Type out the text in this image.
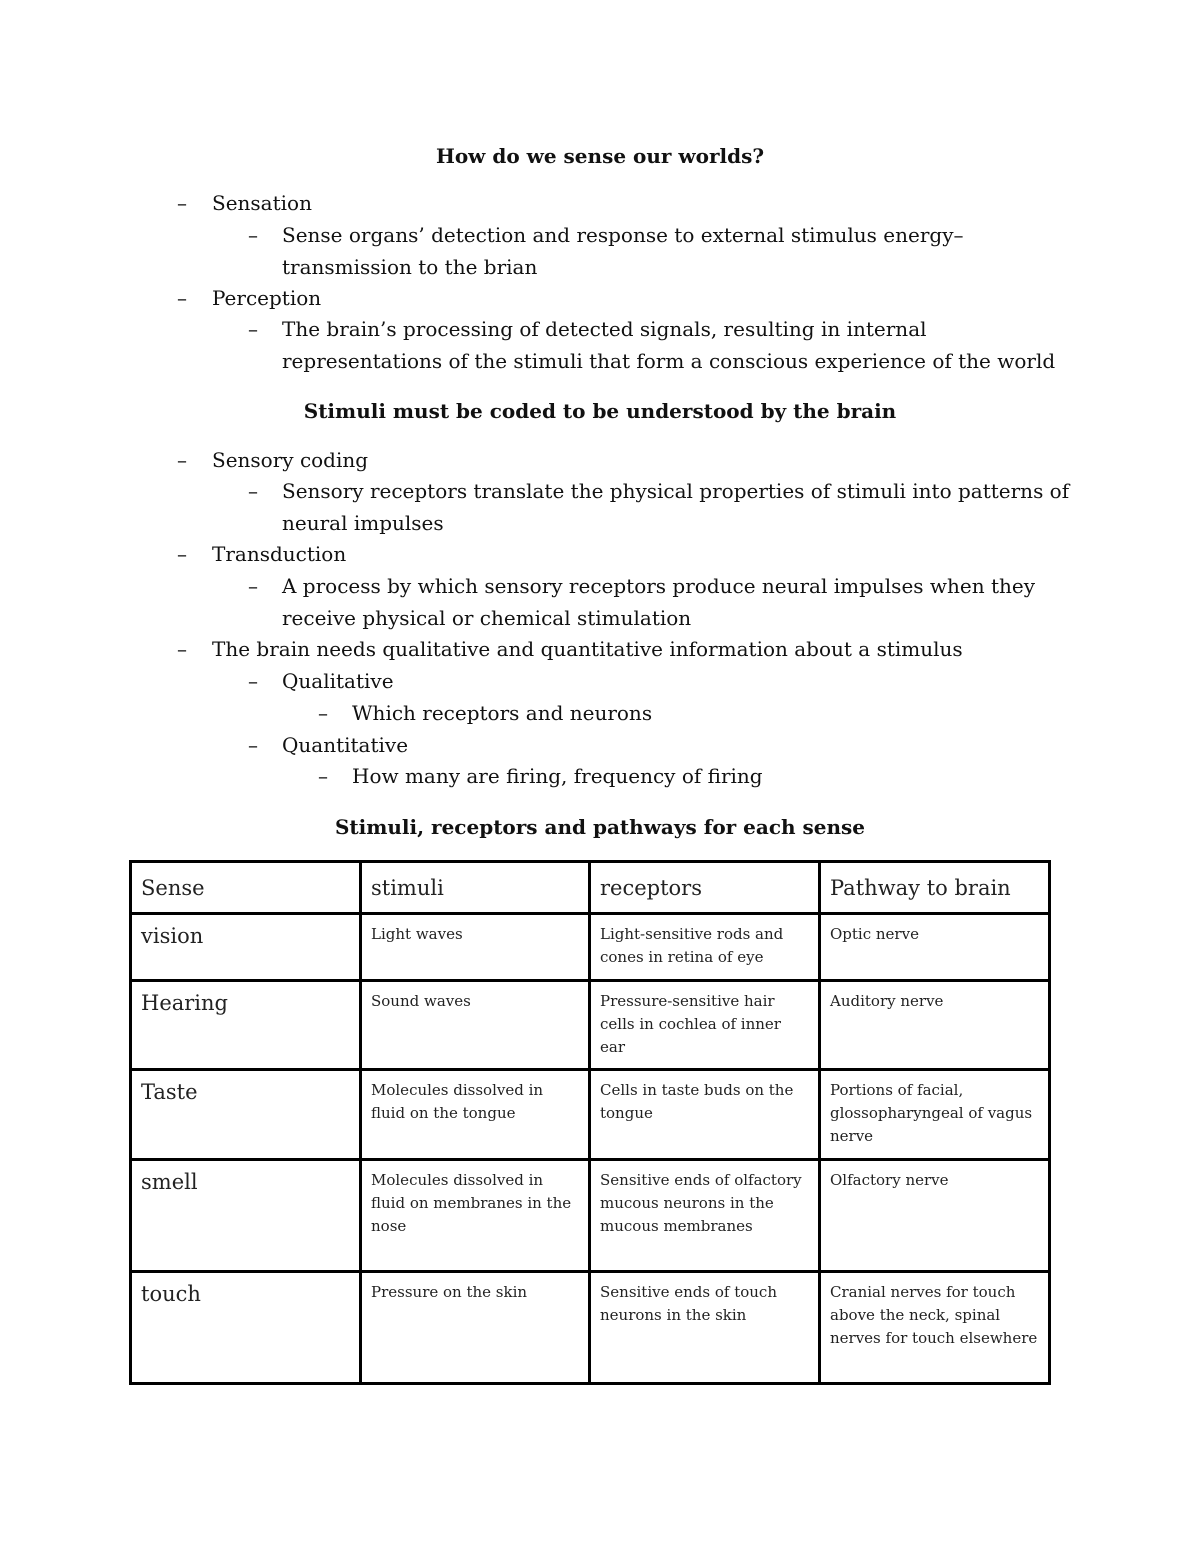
How do we sense our worlds?
– Sensation
– Sense organs’ detection and response to external stimulus energy–
transmission to the brian
– Perception
– The brain’s processing of detected signals, resulting in internal
representations of the stimuli that form a conscious experience of the world
Stimuli must be coded to be understood by the brain
– Sensory coding
– Sensory receptors translate the physical properties of stimuli into patterns of
neural impulses
– Transduction
– A process by which sensory receptors produce neural impulses when they
receive physical or chemical stimulation
– The brain needs qualitative and quantitative information about a stimulus
– Qualitative
– Which receptors and neurons
– Quantitative
– How many are firing, frequency of firing
Stimuli, receptors and pathways for each sense
Sense	stimuli	receptors	Pathway to brain
vision	Light waves	Light-sensitive rods and cones in retina of eye	Optic nerve
Hearing	Sound waves	Pressure-sensitive hair cells in cochlea of inner ear	Auditory nerve
Taste	Molecules dissolved in fluid on the tongue	Cells in taste buds on the tongue	Portions of facial, glossopharyngeal of vagus nerve
smell	Molecules dissolved in fluid on membranes in the nose	Sensitive ends of olfactory mucous neurons in the mucous membranes	Olfactory nerve
touch	Pressure on the skin	Sensitive ends of touch neurons in the skin	Cranial nerves for touch above the neck, spinal nerves for touch elsewhere
